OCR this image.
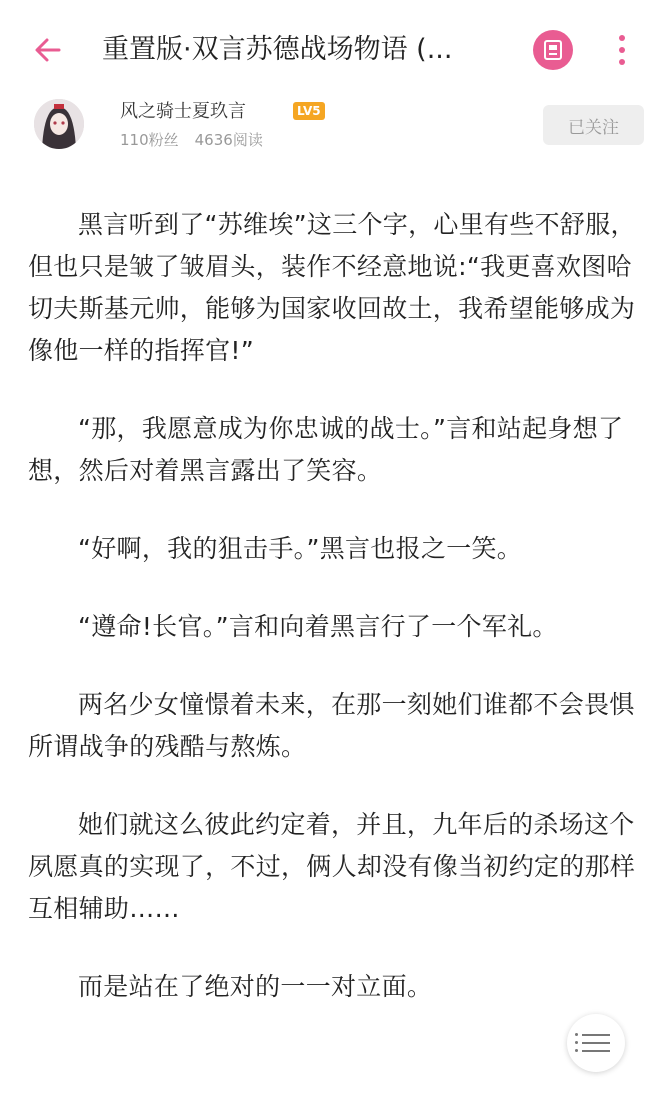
重置版·双言苏德战场物语 (...
风之骑士夏玖言	LV5
110粉丝 4636阅读
已关注

黑言听到了“苏维埃”这三个字，心里有些不舒服，但也只是皱了皱眉头，装作不经意地说:“我更喜欢图哈切夫斯基元帅，能够为国家收回故土，我希望能够成为像他一样的指挥官!”

“那，我愿意成为你忠诚的战士。”言和站起身想了想，然后对着黑言露出了笑容。

“好啊，我的狙击手。”黑言也报之一笑。

“遵命!长官。”言和向着黑言行了一个军礼。

两名少女憧憬着未来，在那一刻她们谁都不会畏惧所谓战争的残酷与熬炼。

她们就这么彼此约定着，并且，九年后的杀场这个夙愿真的实现了，不过，俩人却没有像当初约定的那样互相辅助……

而是站在了绝对的一一对立面。
